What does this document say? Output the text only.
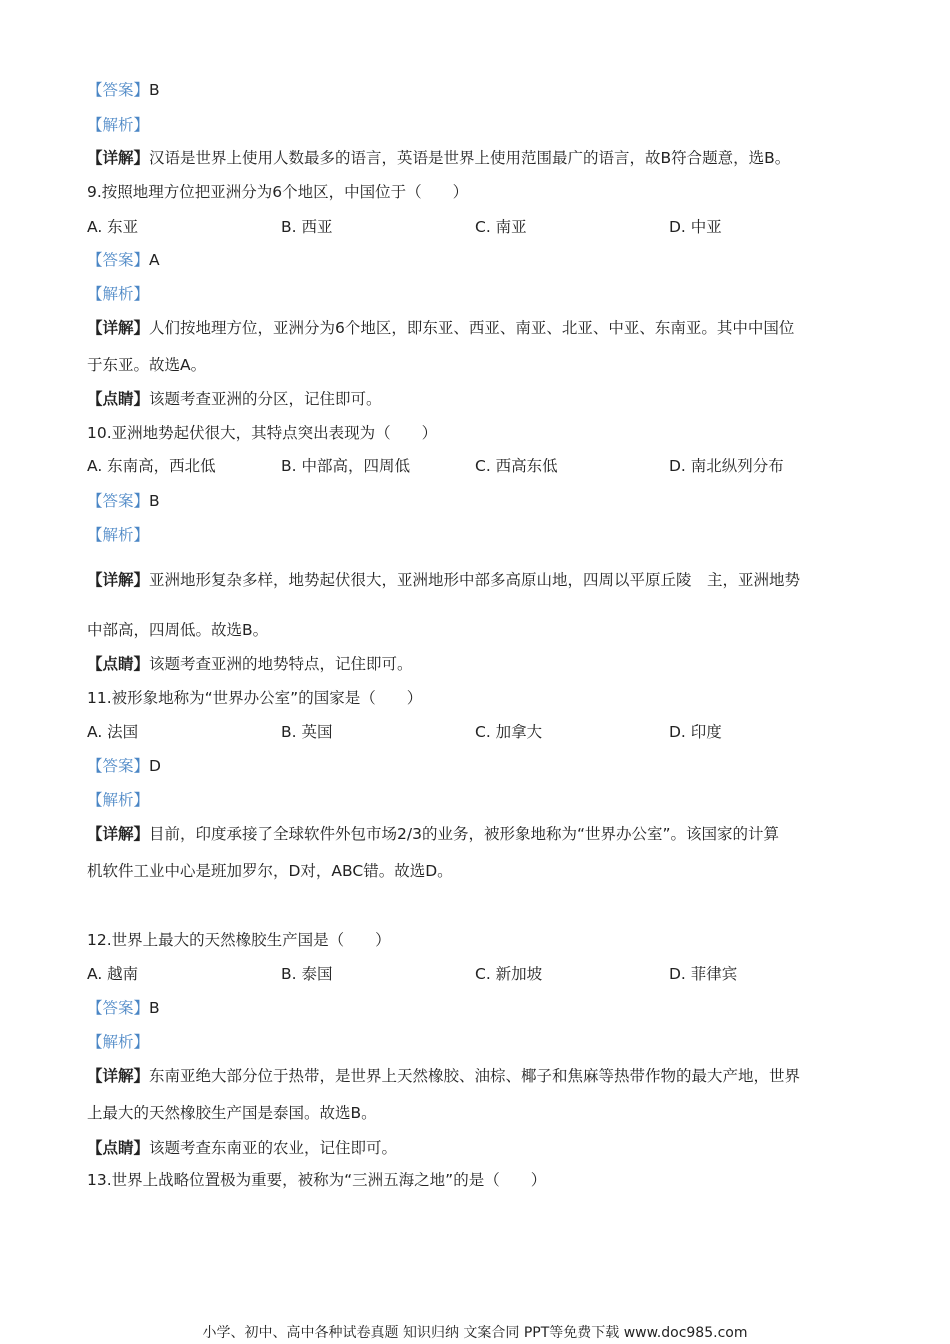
【答案】B
【解析】
【详解】汉语是世界上使用人数最多的语言，英语是世界上使用范围最广的语言，故B符合题意，选B。
9.按照地理方位把亚洲分为6个地区，中国位于（　　）
A. 东亚	B. 西亚	C. 南亚	D. 中亚
【答案】A
【解析】
【详解】人们按地理方位，亚洲分为6个地区，即东亚、西亚、南亚、北亚、中亚、东南亚。其中中国位
于东亚。故选A。
【点睛】该题考查亚洲的分区，记住即可。
10.亚洲地势起伏很大，其特点突出表现为（　　）
A. 东南高，西北低	B. 中部高，四周低	C. 西高东低	D. 南北纵列分布
【答案】B
【解析】
【详解】亚洲地形复杂多样，地势起伏很大，亚洲地形中部多高原山地，四周以平原丘陵　主，亚洲地势
中部高，四周低。故选B。
【点睛】该题考查亚洲的地势特点，记住即可。
11.被形象地称为“世界办公室”的国家是（　　）
A. 法国	B. 英国	C. 加拿大	D. 印度
【答案】D
【解析】
【详解】目前，印度承接了全球软件外包市场2/3的业务，被形象地称为“世界办公室”。该国家的计算
机软件工业中心是班加罗尔，D对，ABC错。故选D。
12.世界上最大的天然橡胶生产国是（　　）
A. 越南	B. 泰国	C. 新加坡	D. 菲律宾
【答案】B
【解析】
【详解】东南亚绝大部分位于热带，是世界上天然橡胶、油棕、椰子和焦麻等热带作物的最大产地，世界
上最大的天然橡胶生产国是泰国。故选B。
【点睛】该题考查东南亚的农业，记住即可。
13.世界上战略位置极为重要，被称为“三洲五海之地”的是（　　）
小学、初中、高中各种试卷真题 知识归纳 文案合同 PPT等免费下载 www.doc985.com
